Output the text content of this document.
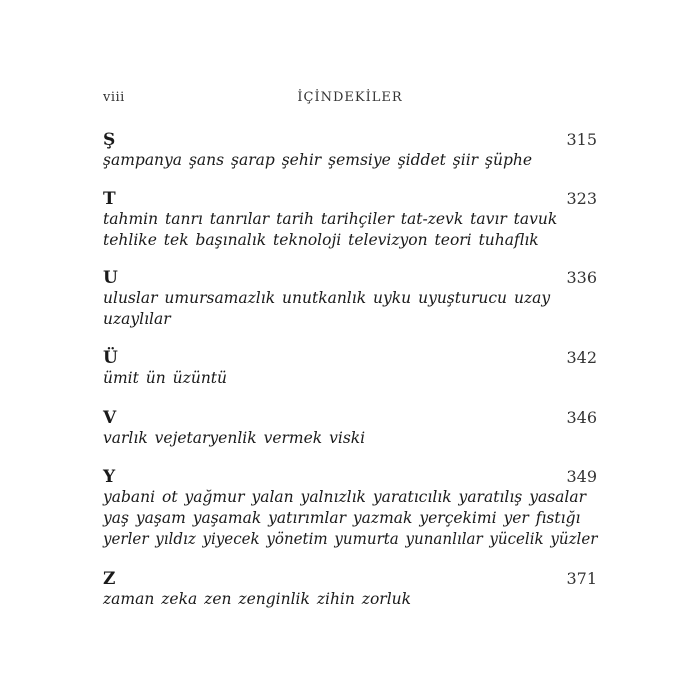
viii	İÇİNDEKİLER
Ş	315
şampanya şans şarap şehir şemsiye şiddet şiir şüphe
T	323
tahmin tanrı tanrılar tarih tarihçiler tat-zevk tavır tavuk
tehlike tek başınalık teknoloji televizyon teori tuhaflık
U	336
uluslar umursamazlık unutkanlık uyku uyuşturucu uzay
uzaylılar
Ü	342
ümit ün üzüntü
V	346
varlık vejetaryenlik vermek viski
Y	349
yabani ot yağmur yalan yalnızlık yaratıcılık yaratılış yasalar
yaş yaşam yaşamak yatırımlar yazmak yerçekimi yer fıstığı
yerler yıldız yiyecek yönetim yumurta yunanlılar yücelik yüzler
Z	371
zaman zeka zen zenginlik zihin zorluk
